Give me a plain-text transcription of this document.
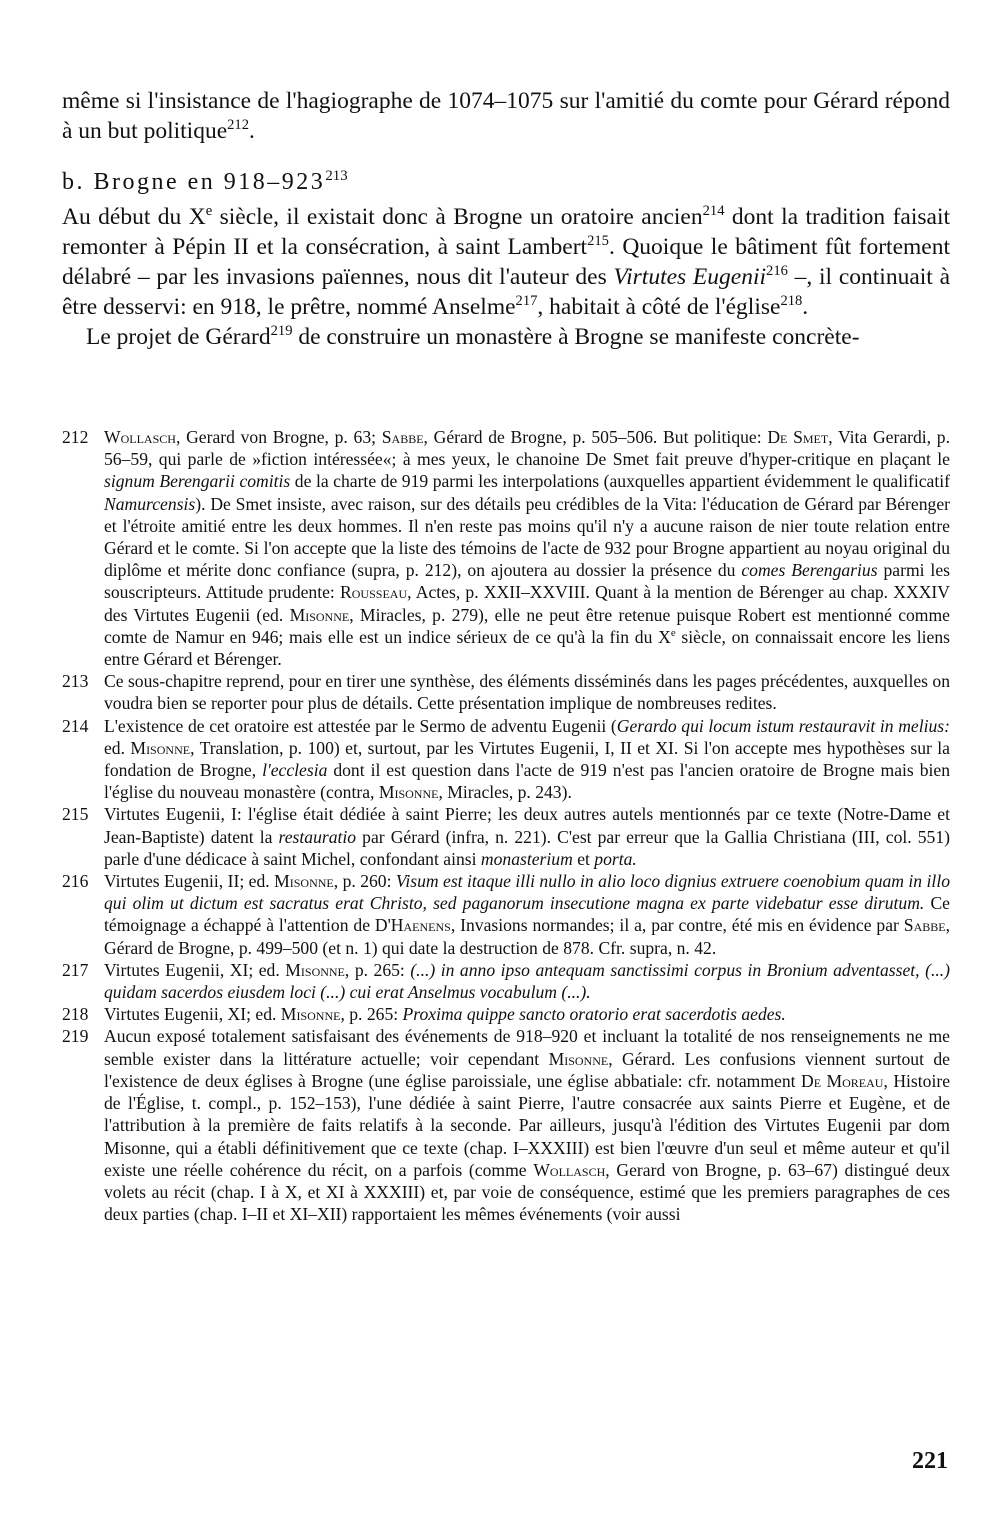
même si l'insistance de l'hagiographe de 1074–1075 sur l'amitié du comte pour Gérard répond à un but politique$^{212}$.

b. Brogne en $918-923^{213}$

Au début du Xe siècle, il existait donc à Brogne un oratoire ancien$^{214}$ dont la tradition faisait remonter à Pépin II et la consécration, à saint Lambert$^{215}$. Quoique le bâtiment fût fortement délabré – par les invasions païennes, nous dit l'auteur des Virtutes Eugenii$^{216}$ –, il continuait à être desservi: en 918, le prêtre, nommé Anselme$^{217}$, habitait à côté de l'église$^{218}$.

Le projet de Gérard$^{219}$ de construire un monastère à Brogne se manifeste concrète-

212 Wollasch, Gerard von Brogne, p. 63; Sabbe, Gérard de Brogne, p. 505–506. But politique: De Smet, Vita Gerardi, p. 56–59, qui parle de »fiction intéressée«; à mes yeux, le chanoine De Smet fait preuve d'hyper-critique en plaçant le signum Berengarii comitis de la charte de 919 parmi les interpolations (auxquelles appartient évidemment le qualificatif Namurcensis). De Smet insiste, avec raison, sur des détails peu crédibles de la Vita: l'éducation de Gérard par Bérenger et l'étroite amitié entre les deux hommes. Il n'en reste pas moins qu'il n'y a aucune raison de nier toute relation entre Gérard et le comte. Si l'on accepte que la liste des témoins de l'acte de 932 pour Brogne appartient au noyau original du diplôme et mérite donc confiance (supra, p. 212), on ajoutera au dossier la présence du comes Berengarius parmi les souscripteurs. Attitude prudente: Rousseau, Actes, p. XXII–XXVIII. Quant à la mention de Bérenger au chap. XXXIV des Virtutes Eugenii (ed. Misonne, Miracles, p. 279), elle ne peut être retenue puisque Robert est mentionné comme comte de Namur en 946; mais elle est un indice sérieux de ce qu'à la fin du Xe siècle, on connaissait encore les liens entre Gérard et Bérenger.
213 Ce sous-chapitre reprend, pour en tirer une synthèse, des éléments disséminés dans les pages précédentes, auxquelles on voudra bien se reporter pour plus de détails. Cette présentation implique de nombreuses redites.
214 L'existence de cet oratoire est attestée par le Sermo de adventu Eugenii (Gerardo qui locum istum restauravit in melius: ed. Misonne, Translation, p. 100) et, surtout, par les Virtutes Eugenii, I, II et XI. Si l'on accepte mes hypothèses sur la fondation de Brogne, l'ecclesia dont il est question dans l'acte de 919 n'est pas l'ancien oratoire de Brogne mais bien l'église du nouveau monastère (contra, Misonne, Miracles, p. 243).
215 Virtutes Eugenii, I: l'église était dédiée à saint Pierre; les deux autres autels mentionnés par ce texte (Notre-Dame et Jean-Baptiste) datent la restauratio par Gérard (infra, n. 221). C'est par erreur que la Gallia Christiana (III, col. 551) parle d'une dédicace à saint Michel, confondant ainsi monasterium et porta.
216 Virtutes Eugenii, II; ed. Misonne, p. 260: Visum est itaque illi nullo in alio loco dignius extruere coenobium quam in illo qui olim ut dictum est sacratus erat Christo, sed paganorum insecutione magna ex parte videbatur esse dirutum. Ce témoignage a échappé à l'attention de D'Haenens, Invasions normandes; il a, par contre, été mis en évidence par Sabbe, Gérard de Brogne, p. 499–500 (et n. 1) qui date la destruction de 878. Cfr. supra, n. 42.
217 Virtutes Eugenii, XI; ed. Misonne, p. 265: (...) in anno ipso antequam sanctissimi corpus in Bronium adventasset, (...) quidam sacerdos eiusdem loci (...) cui erat Anselmus vocabulum (...).
218 Virtutes Eugenii, XI; ed. Misonne, p. 265: Proxima quippe sancto oratorio erat sacerdotis aedes.
219 Aucun exposé totalement satisfaisant des événements de 918–920 et incluant la totalité de nos renseignements ne me semble exister dans la littérature actuelle; voir cependant Misonne, Gérard. Les confusions viennent surtout de l'existence de deux églises à Brogne (une église paroissiale, une église abbatiale: cfr. notamment De Moreau, Histoire de l'Église, t. compl., p. 152–153), l'une dédiée à saint Pierre, l'autre consacrée aux saints Pierre et Eugène, et de l'attribution à la première de faits relatifs à la seconde. Par ailleurs, jusqu'à l'édition des Virtutes Eugenii par dom Misonne, qui a établi définitivement que ce texte (chap. I–XXXIII) est bien l'œuvre d'un seul et même auteur et qu'il existe une réelle cohérence du récit, on a parfois (comme Wollasch, Gerard von Brogne, p. 63–67) distingué deux volets au récit (chap. I à X, et XI à XXXIII) et, par voie de conséquence, estimé que les premiers paragraphes de ces deux parties (chap. I–II et XI–XII) rapportaient les mêmes événements (voir aussi
221
